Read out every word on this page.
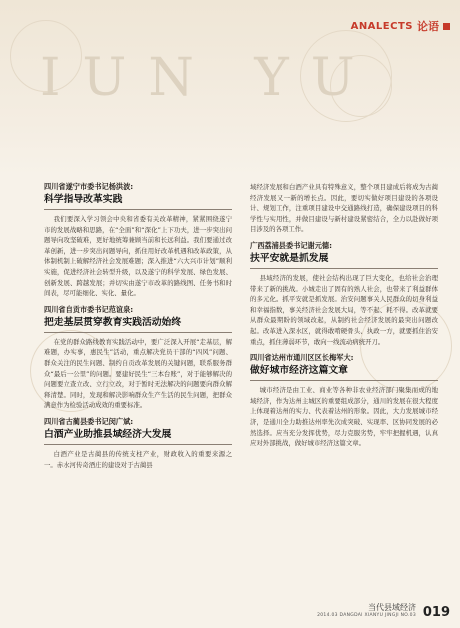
IUN YU
ANALECTS 论语
四川省遂宁市委书记杨洪波:
科学指导改革实践

我们要深入学习领会中央和省委有关改革精神，紧紧围绕遂宁市的发展战略和思路，在“全面”和“深化”上下功夫，进一步突出问题导向攻坚破难，更好地统筹兼顾当前和长远利益。我们要通过改革创新，进一步突出问题导向，抓住用好改革机遇和改革政策，从体制机制上破解经济社会发展难题；深入推进“六大兴市计划”顺利实施，促进经济社会转型升级，以及遂宁的科学发展、绿色发展、创新发展、跨越发展；并切实由遂宁市改革的路线图、任务书和时间表，尽可能细化、实化、量化。

四川省自贡市委书记范谊泉:
把走基层贯穿教育实践活动始终

在党的群众路线教育实践活动中，要广泛深入开展“走基层，解难题，办实事，惠民生”活动，重点解决党员干部的“四风”问题、群众关注的民生问题、制约自贡改革发展的关键问题，联系服务群众“最后一公里”的问题。要建好民生“三本台账”，对于能够解决的问题要立查立改、立行立改，对于暂时无法解决的问题要向群众解释清楚。同时，发现和解决影响群众生产生活的民生问题，把群众满意作为检验活动成效的重要标准。

四川省古蔺县委书记闵广斌:
白酒产业助推县域经济大发展

白酒产业是古蔺县的传统支柱产业，财政收入的重要来源之一。赤水河传奇酒庄的建设对于古蔺县

域经济发展和白酒产业具有特殊意义，整个项目建成后将成为古蔺经济发展又一新的增长点。因此，要切实做好项目建设的各项设计、规划工作，注重项目建设中交通路线打造，确保建设项目的科学性与实用性，并做目建设与新村建设紧密结合，全力以赴做好项目涉及的各项工作。

广西荔浦县委书记谢元德:
扶平安就是抓发展

县域经济的发展，使社会结构出现了巨大变化，也给社会治理带来了新的挑战。小城走出了固有的熟人社会，也带来了利益群体的多元化。抓平安就是抓发展。治安问题事关人民群众的切身利益和幸福指数，事关经济社会发展大局，等不起、耗不得。改革就要从群众最期盼的领域改起，从制约社会经济发展的最突出问题改起。改革进入深水区，就得敢啃硬骨头、执政一方，就要抓住治安重点，抓住薄弱环节，敢向一线流动病统开刀。

四川省达州市通川区区长梅军大:
做好城市经济这篇文章

城市经济是由工业、商业等各种非农业经济部门聚集而成的地域经济，作为达州主城区的重要组成部分，通川的发展在很大程度上体现着达州的实力、代表着达州的形象。因此，大力发展城市经济，是通川全力助推达州率先次成突破、实现率、区协同发展的必然选择。应当充分发挥优势，尽力克服劣势，牢牢把握机遇，认真应对外部挑战，做好城市经济这篇文章。

当代县域经济
2014.03 DANGDAI XIANYU JINGJI NO.03 019
